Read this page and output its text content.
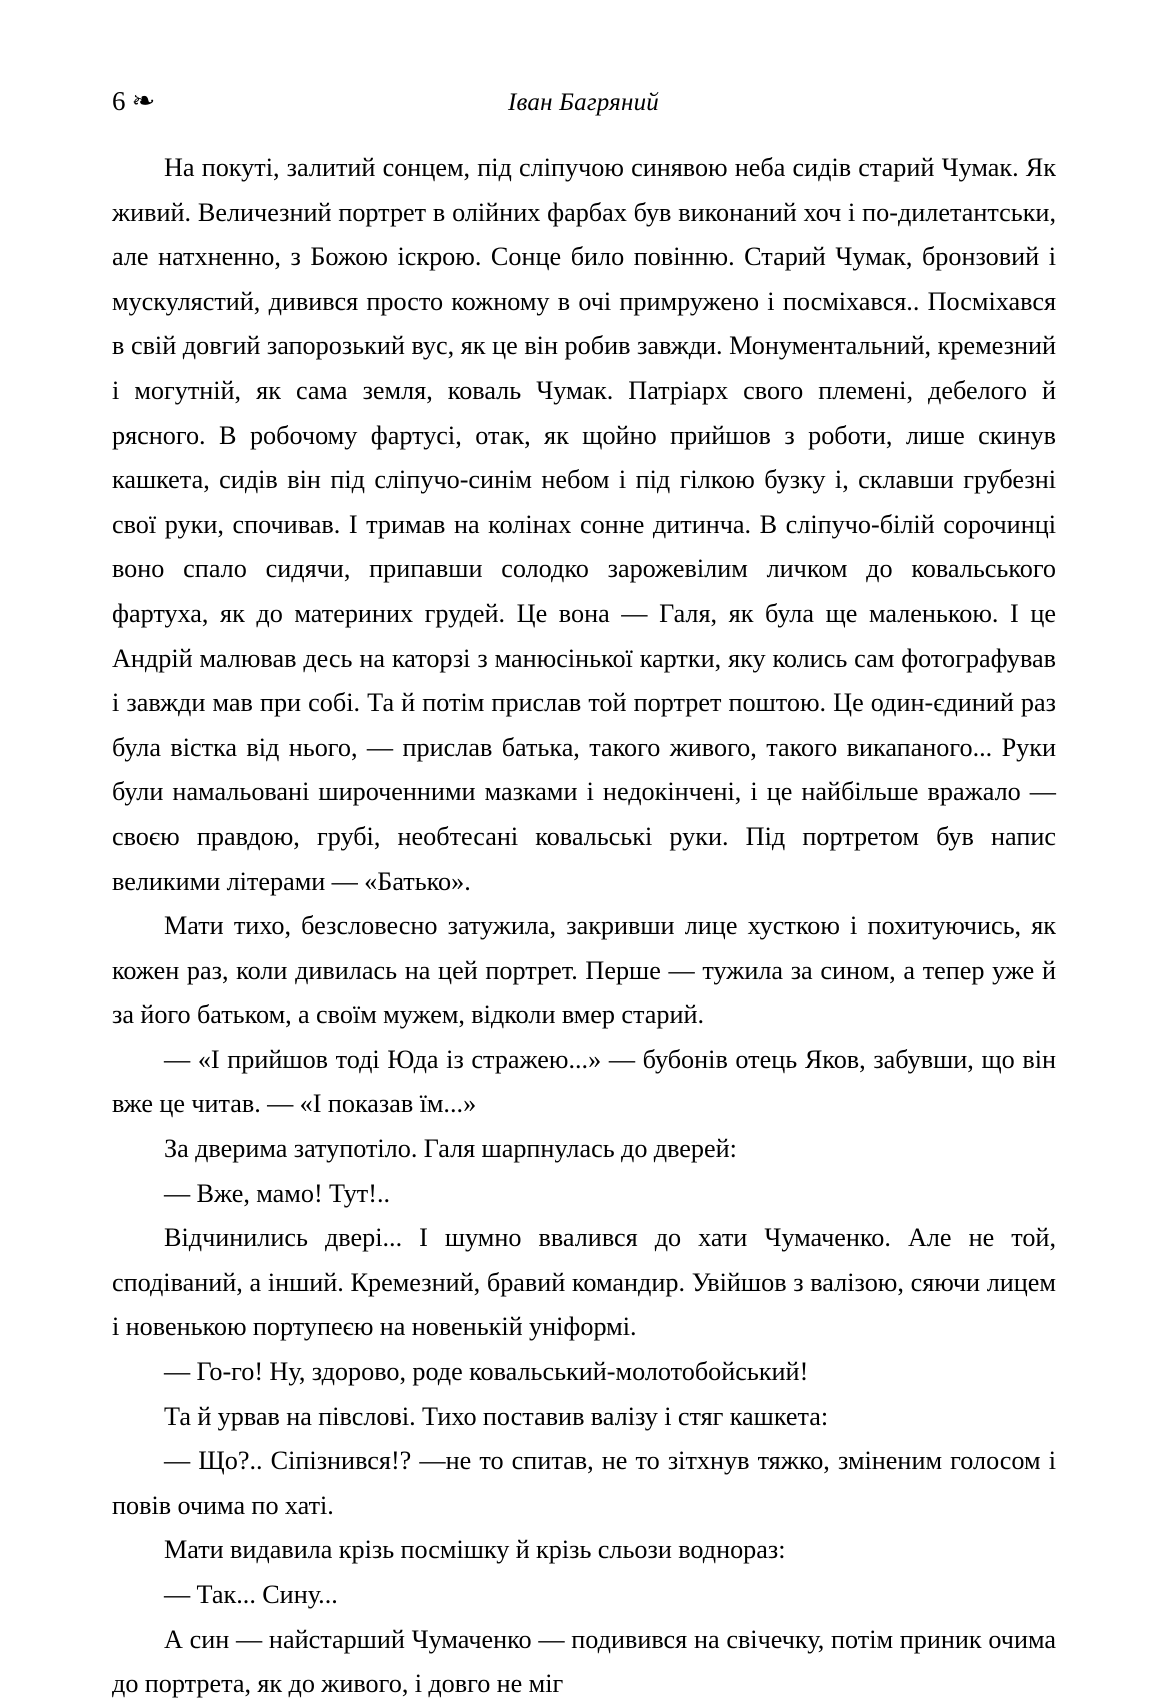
6 ❧	Іван Багряний

На покуті, залитий сонцем, під сліпучою синявою неба сидів старий Чумак. Як живий. Величезний портрет в олійних фарбах був виконаний хоч і по-дилетантськи, але натхненно, з Божою іскрою. Сонце било повінню. Старий Чумак, бронзовий і мускулястий, дивився просто кожному в очі примружено і посміхався.. Посміхався в свій довгий запорозький вус, як це він робив завжди. Монументальний, кремезний і могутній, як сама земля, коваль Чумак. Патріарх свого племені, дебелого й рясного. В робочому фартусі, отак, як щойно прийшов з роботи, лише скинув кашкета, сидів він під сліпучо-синім небом і під гілкою бузку і, склавши грубезні свої руки, спочивав. І тримав на колінах сонне дитинча. В сліпучо-білій сорочинці воно спало сидячи, припавши солодко зарожевілим личком до ковальського фартуха, як до материних грудей. Це вона — Галя, як була ще маленькою. І це Андрій малював десь на каторзі з манюсінької картки, яку колись сам фотографував і завжди мав при собі. Та й потім прислав той портрет поштою. Це один-єдиний раз була вістка від нього, — прислав батька, такого живого, такого викапаного... Руки були намальовані широченними мазками і недокінчені, і це найбільше вражало — своєю правдою, грубі, необтесані ковальські руки. Під портретом був напис великими літерами — «Батько».

Мати тихо, безсловесно затужила, закривши лице хусткою і похитуючись, як кожен раз, коли дивилась на цей портрет. Перше — тужила за сином, а тепер уже й за його батьком, а своїм мужем, відколи вмер старий.

— «І прийшов тоді Юда із стражею...» — бубонів отець Яков, забувши, що він вже це читав. — «І показав їм...»

За дверима затупотіло. Галя шарпнулась до дверей:

— Вже, мамо! Тут!..

Відчинились двері... І шумно ввалився до хати Чумаченко. Але не той, сподіваний, а інший. Кремезний, бравий командир. Увійшов з валізою, сяючи лицем і новенькою портупеєю на новенькій уніформі.

— Го-го! Ну, здорово, роде ковальський-молотобойський!

Та й урвав на півслові. Тихо поставив валізу і стяг кашкета:

— Що?.. Сіпізнився!? —не то спитав, не то зітхнув тяжко, зміненим голосом і повів очима по хаті.

Мати видавила крізь посмішку й крізь сльози воднораз:

— Так... Сину...

А син — найстарший Чумаченко — подивився на свічечку, потім приник очима до портрета, як до живого, і довго не міг
